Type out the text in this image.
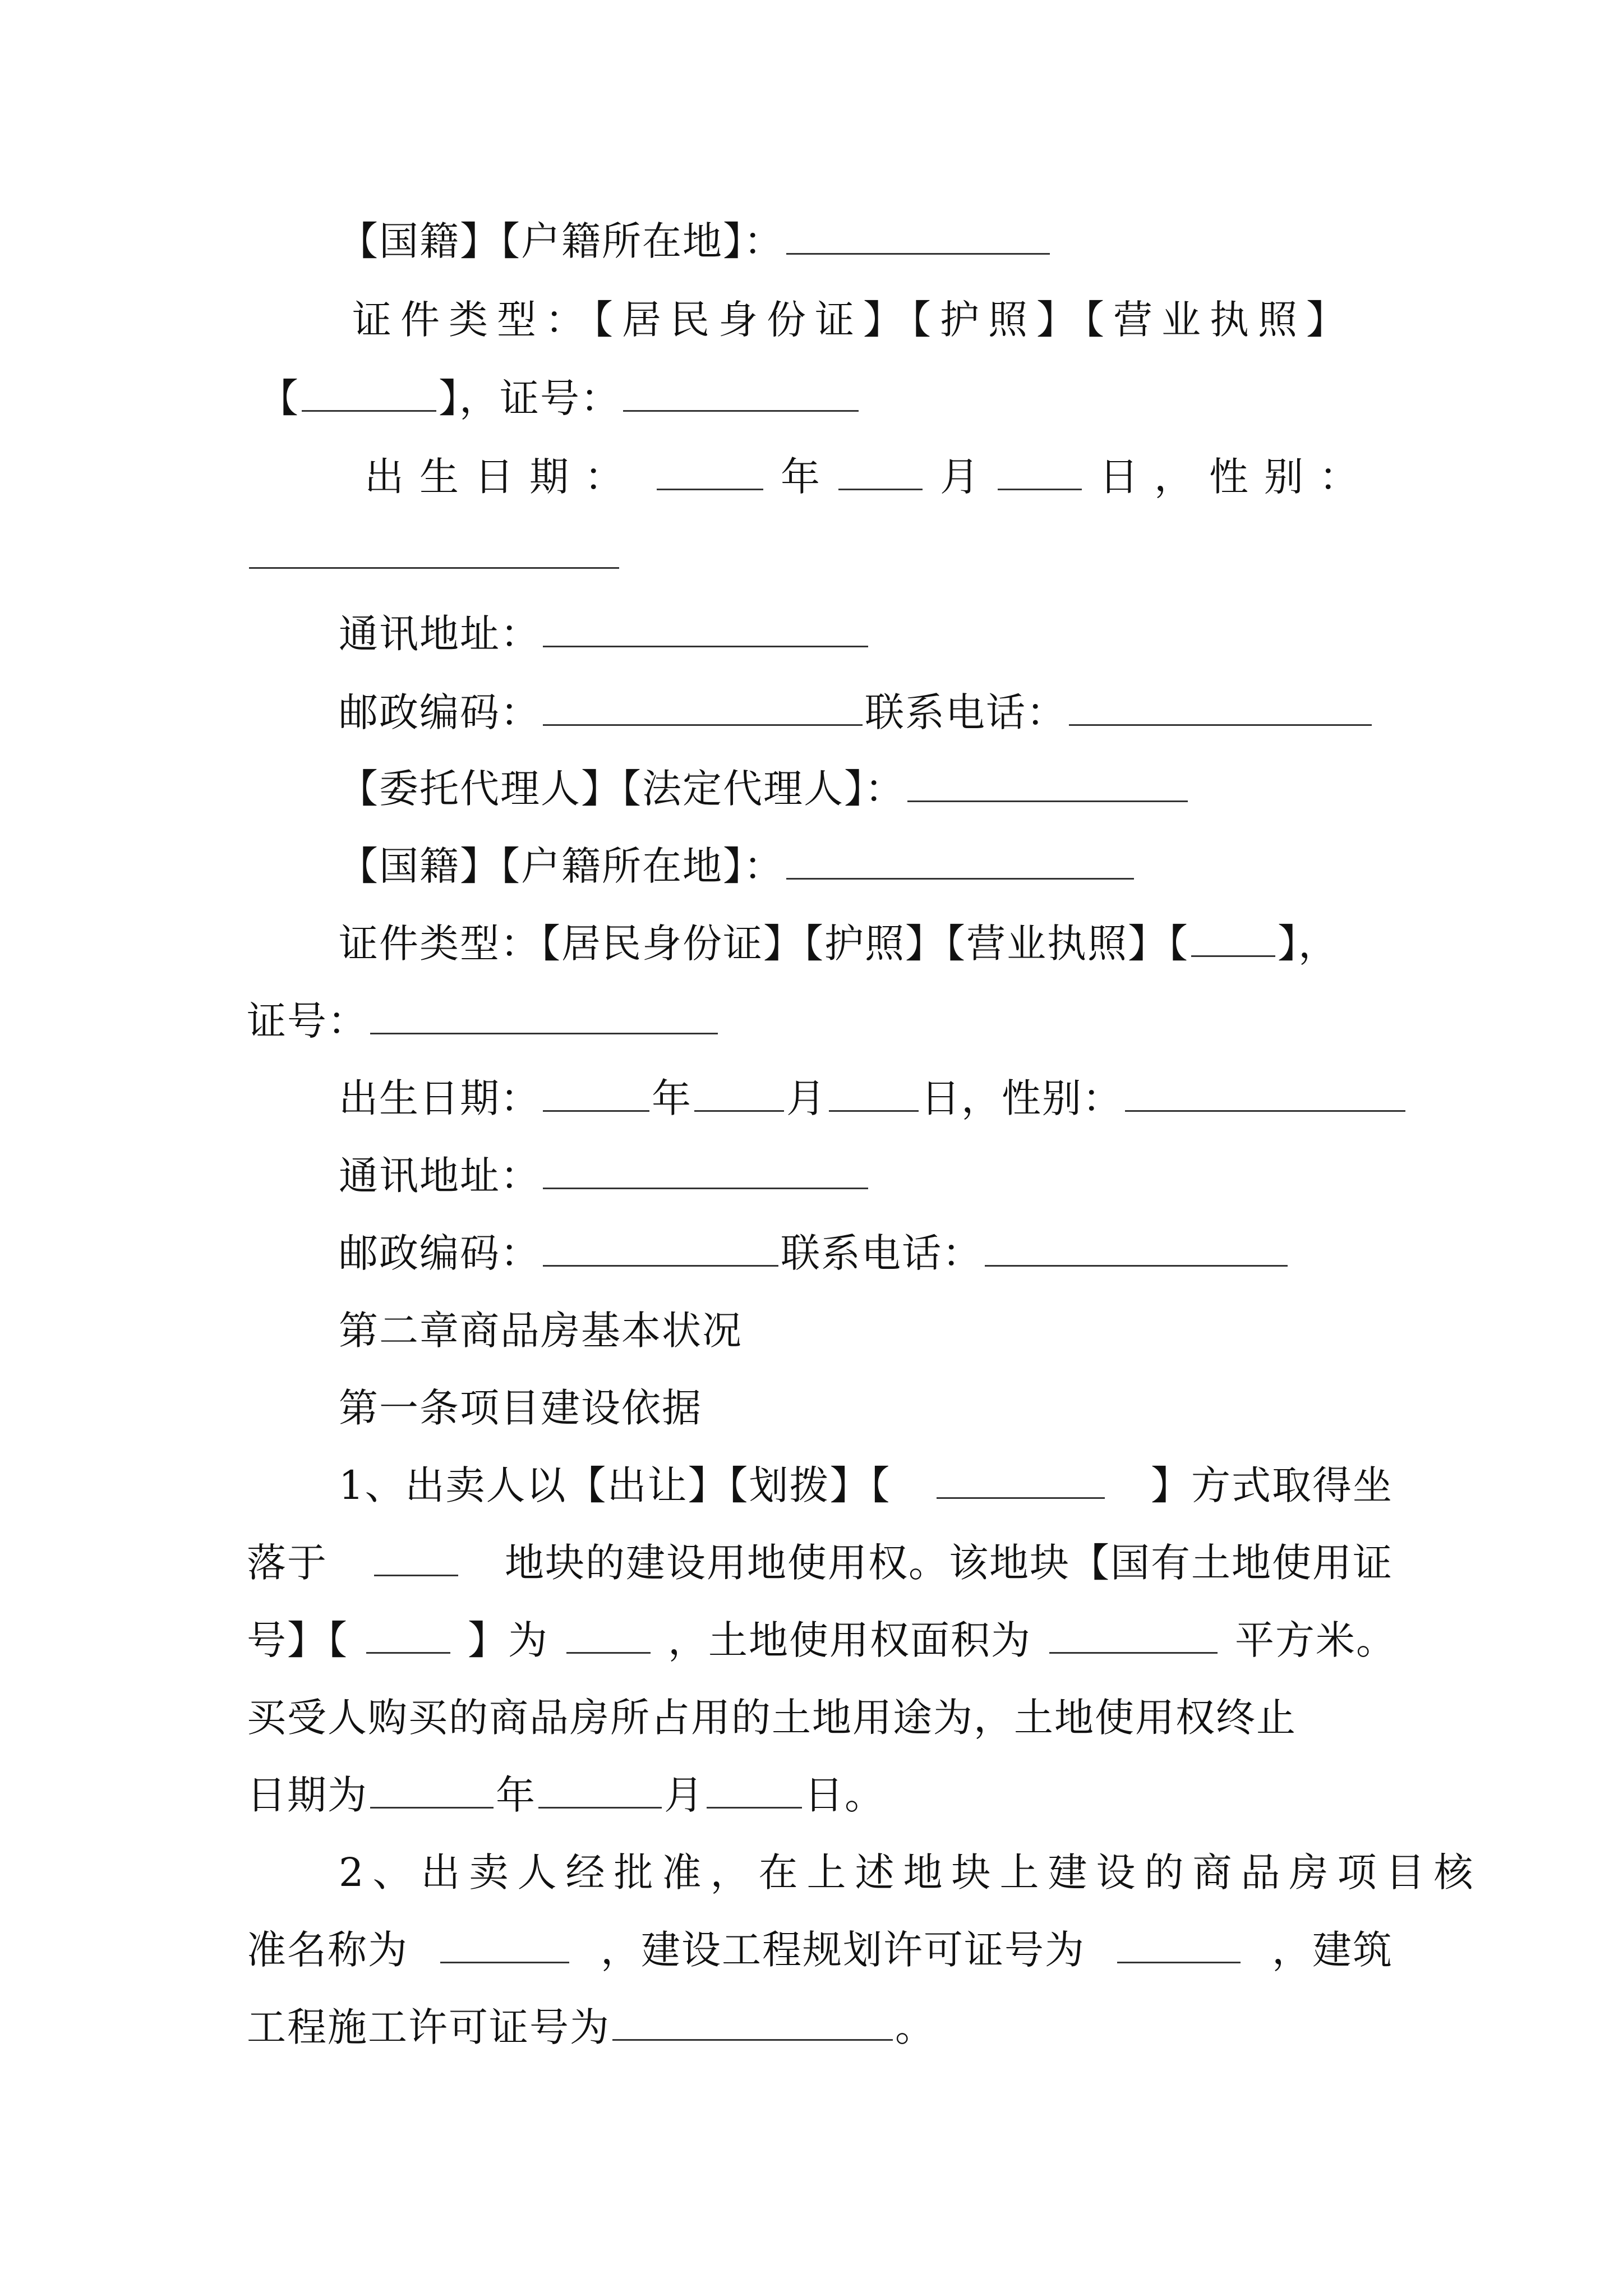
【国籍】【户籍所在地】：
证件类型：【居民身份证】【护照】【营业执照】
【	】，证号：
出生日期：	年	月	日，性别：
通讯地址：
邮政编码：	联系电话：
【委托代理人】【法定代理人】：
【国籍】【户籍所在地】：
证件类型：【居民身份证】【护照】【营业执照】【 】，
证号：
出生日期：	年 月 日，性别：
通讯地址：
邮政编码：	联系电话：
第二章商品房基本状况
第一条项目建设依据
1、出卖人以【出让】【划拨】【	】方式取得坐
落于	地块的建设用地使用权。该地块【国有土地使用证
号】【	】为	，土地使用权面积为	平方米。
买受人购买的商品房所占用的土地用途为，土地使用权终止
日期为	年	月	日。
2、出卖人经批准，在上述地块上建设的商品房项目核
准名称为	，建设工程规划许可证号为	，建筑
工程施工许可证号为	。
